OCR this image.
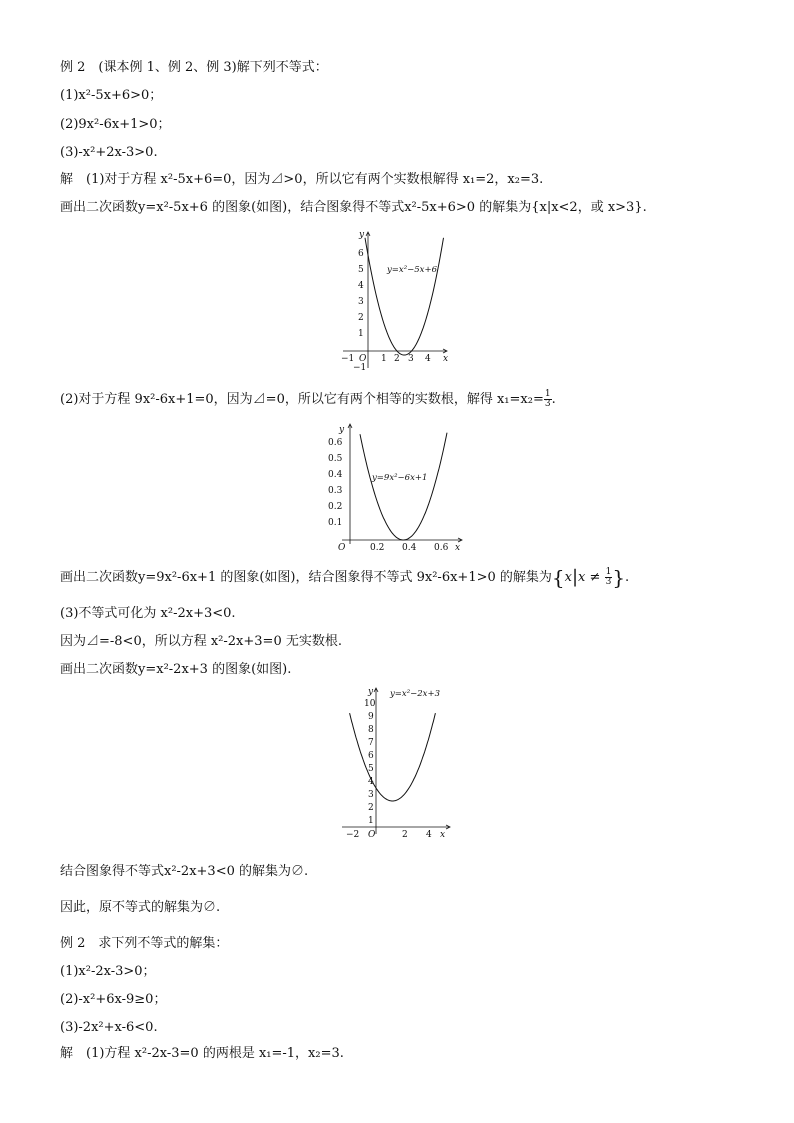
例 2　(课本例 1、例 2、例 3)解下列不等式：
(1)x²-5x+6>0；
(2)9x²-6x+1>0；
(3)-x²+2x-3>0.
解　(1)对于方程 x²-5x+6=0，因为⊿>0，所以它有两个实数根解得 x₁=2，x₂=3.
画出二次函数y=x²-5x+6 的图象(如图)，结合图象得不等式x²-5x+6>0 的解集为{x|x<2，或 x>3}.
y
x
y=x²−5x+6
−1 O 1 2 3 4
6
5
4
3
2
1
−1
(2)对于方程 9x²-6x+1=0，因为⊿=0，所以它有两个相等的实数根，解得 $x_1=x_2= \frac{1}{3}$ .
y
x
y=9x²−6x+1
O	0.2 0.4 0.6
0.6
0.5
0.4
0.3
0.2
0.1
画出二次函数y=9x²-6x+1 的图象(如图)，结合图象得不等式 9x²-6x+1>0 的解集为{$x|x \ne \frac{1}{3}$ }.
(3)不等式可化为 x²-2x+3<0.
因为⊿=-8<0，所以方程 x²-2x+3=0 无实数根.
画出二次函数y=x²-2x+3 的图象(如图).
y
x
y=x²−2x+3
−2 O	2 4
10
9
8
7
6
5
4
3
2
1
结合图象得不等式x²-2x+3<0 的解集为∅.
因此，原不等式的解集为∅.
例 2　求下列不等式的解集：
(1)x²-2x-3>0；
(2)-x²+6x-9≥0；
(3)-2x²+x-6<0.
解　(1)方程 x²-2x-3=0 的两根是 x₁=-1，x₂=3.
